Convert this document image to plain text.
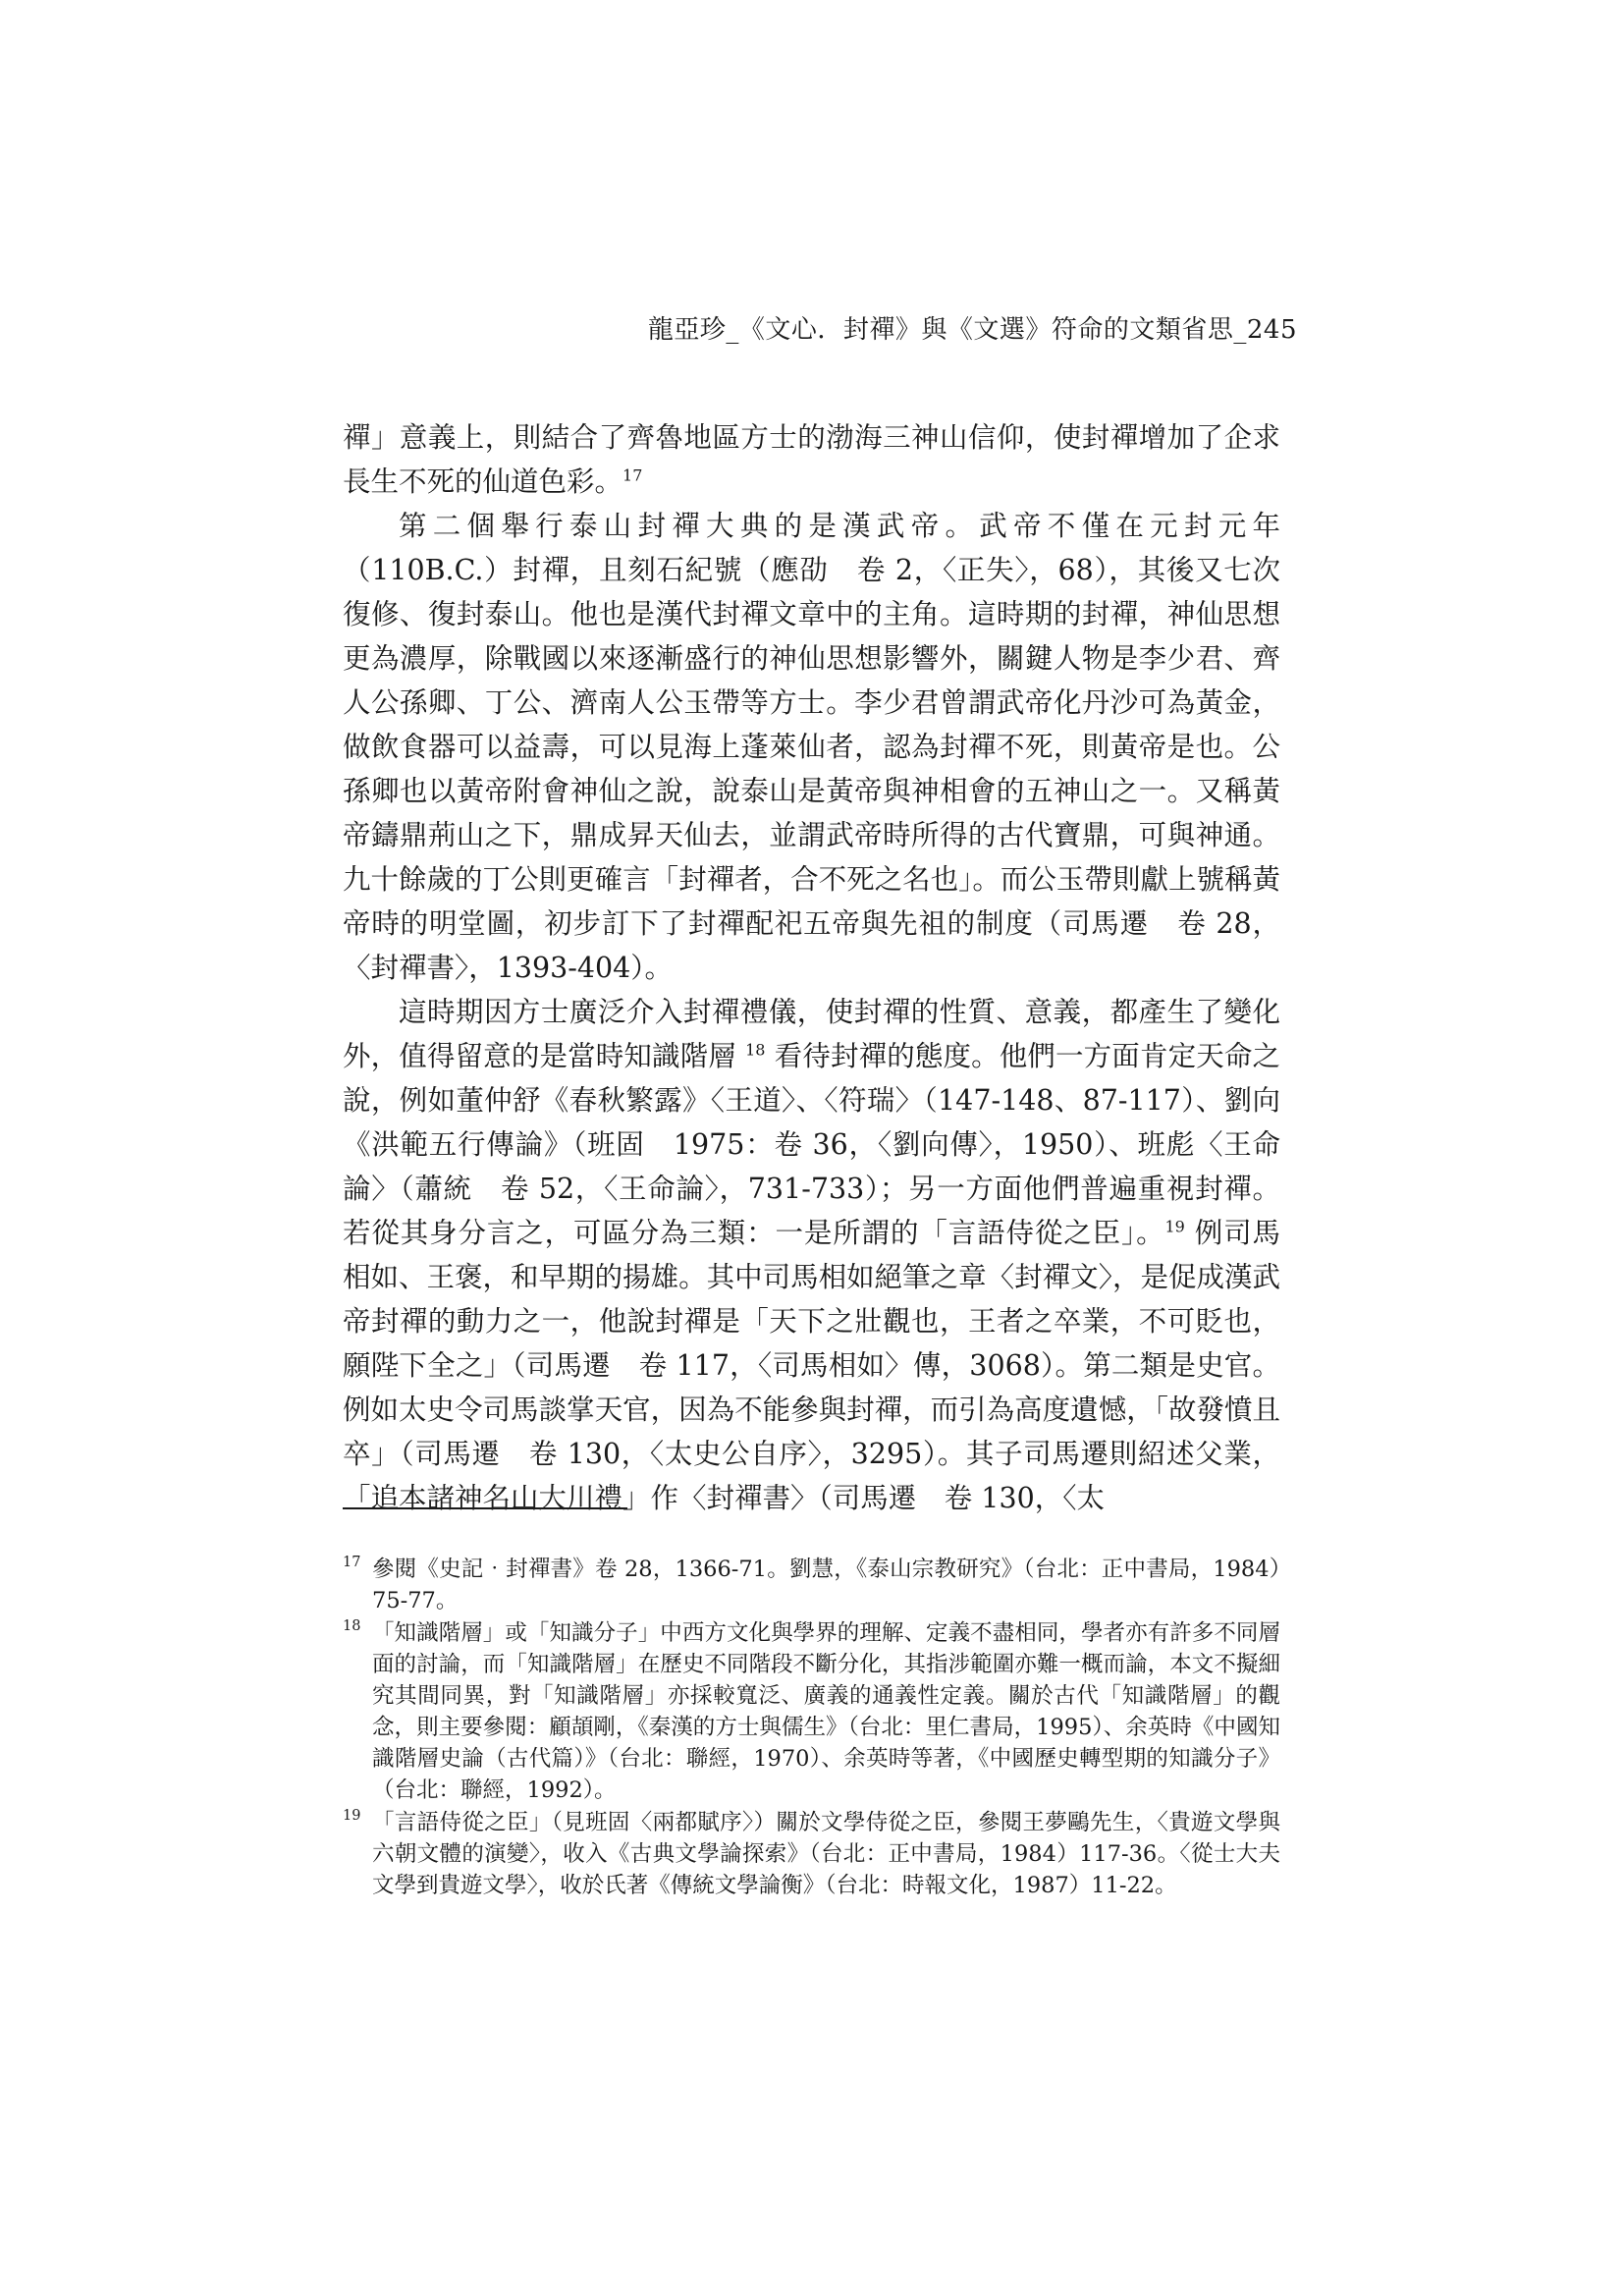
龍亞珍_《文心．封禪》與《文選》符命的文類省思_245

禪」意義上，則結合了齊魯地區方士的渤海三神山信仰，使封禪增加了企求長生不死的仙道色彩。$^{17}$

第二個舉行泰山封禪大典的是漢武帝。武帝不僅在元封元年（110B.C.）封禪，且刻石紀號（應劭　卷 2，〈正失〉，68），其後又七次復修、復封泰山。他也是漢代封禪文章中的主角。這時期的封禪，神仙思想更為濃厚，除戰國以來逐漸盛行的神仙思想影響外，關鍵人物是李少君、齊人公孫卿、丁公、濟南人公玉帶等方士。李少君曾謂武帝化丹沙可為黃金，做飲食器可以益壽，可以見海上蓬萊仙者，認為封禪不死，則黃帝是也。公孫卿也以黃帝附會神仙之說，說泰山是黃帝與神相會的五神山之一。又稱黃帝鑄鼎荊山之下，鼎成昇天仙去，並謂武帝時所得的古代寶鼎，可與神通。九十餘歲的丁公則更確言「封禪者，合不死之名也」。而公玉帶則獻上號稱黃帝時的明堂圖，初步訂下了封禪配祀五帝與先祖的制度（司馬遷　卷 28，〈封禪書〉，1393-404）。

這時期因方士廣泛介入封禪禮儀，使封禪的性質、意義，都產生了變化外，值得留意的是當時知識階層 $^{18}$ 看待封禪的態度。他們一方面肯定天命之說，例如董仲舒《春秋繁露》〈王道〉、〈符瑞〉（147-148、87-117）、劉向《洪範五行傳論》（班固　1975：卷 36，〈劉向傳〉，1950）、班彪〈王命論〉（蕭統　卷 52，〈王命論〉，731-733）；另一方面他們普遍重視封禪。若從其身分言之，可區分為三類：一是所謂的「言語侍從之臣」。$^{19}$ 例司馬相如、王褒，和早期的揚雄。其中司馬相如絕筆之章〈封禪文〉，是促成漢武帝封禪的動力之一，他說封禪是「天下之壯觀也，王者之卒業，不可貶也，願陛下全之」（司馬遷　卷 117，〈司馬相如〉傳，3068）。第二類是史官。例如太史令司馬談掌天官，因為不能參與封禪，而引為高度遺憾，「故發憤且卒」（司馬遷　卷 130，〈太史公自序〉，3295）。其子司馬遷則紹述父業，「追本諸神名山大川禮」作〈封禪書〉（司馬遷　卷 130，〈太

17 參閱《史記‧封禪書》卷 28，1366-71。劉慧，《泰山宗教研究》（台北：正中書局，1984）75-77。
18 「知識階層」或「知識分子」中西方文化與學界的理解、定義不盡相同，學者亦有許多不同層面的討論，而「知識階層」在歷史不同階段不斷分化，其指涉範圍亦難一概而論，本文不擬細究其間同異，對「知識階層」亦採較寬泛、廣義的通義性定義。關於古代「知識階層」的觀念，則主要參閱：顧頡剛，《秦漢的方士與儒生》（台北：里仁書局，1995）、余英時《中國知識階層史論（古代篇）》（台北：聯經，1970）、余英時等著，《中國歷史轉型期的知識分子》（台北：聯經，1992）。
19 「言語侍從之臣」（見班固〈兩都賦序〉）關於文學侍從之臣，參閱王夢鷗先生，〈貴遊文學與六朝文體的演變〉，收入《古典文學論探索》（台北：正中書局，1984）117-36。〈從士大夫文學到貴遊文學〉，收於氏著《傳統文學論衡》（台北：時報文化，1987）11-22。
